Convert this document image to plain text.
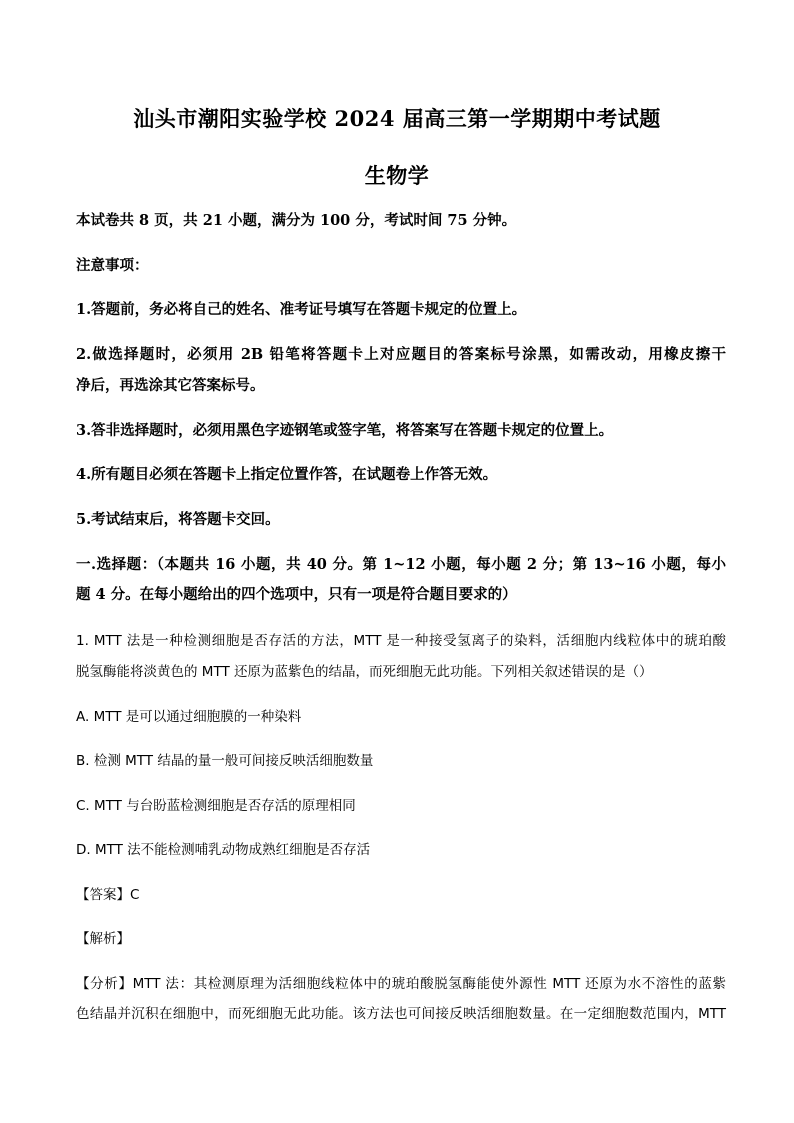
汕头市潮阳实验学校 2024 届高三第一学期期中考试题
生物学
本试卷共 8 页，共 21 小题，满分为 100 分，考试时间 75 分钟。
注意事项：
1.答题前，务必将自己的姓名、准考证号填写在答题卡规定的位置上。
2.做选择题时，必须用 2B 铅笔将答题卡上对应题目的答案标号涂黑，如需改动，用橡皮擦干
净后，再选涂其它答案标号。
3.答非选择题时，必须用黑色字迹钢笔或签字笔，将答案写在答题卡规定的位置上。
4.所有题目必须在答题卡上指定位置作答，在试题卷上作答无效。
5.考试结束后，将答题卡交回。
一.选择题：（本题共 16 小题，共 40 分。第 1~12 小题，每小题 2 分；第 13~16 小题，每小
题 4 分。在每小题给出的四个选项中，只有一项是符合题目要求的）
1. MTT 法是一种检测细胞是否存活的方法，MTT 是一种接受氢离子的染料，活细胞内线粒体中的琥珀酸
脱氢酶能将淡黄色的 MTT 还原为蓝紫色的结晶，而死细胞无此功能。下列相关叙述错误的是（）
A. MTT 是可以通过细胞膜的一种染料
B. 检测 MTT 结晶的量一般可间接反映活细胞数量
C. MTT 与台盼蓝检测细胞是否存活的原理相同
D. MTT 法不能检测哺乳动物成熟红细胞是否存活
【答案】C
【解析】
【分析】MTT 法：其检测原理为活细胞线粒体中的琥珀酸脱氢酶能使外源性 MTT 还原为水不溶性的蓝紫
色结晶并沉积在细胞中，而死细胞无此功能。该方法也可间接反映活细胞数量。在一定细胞数范围内，MTT
